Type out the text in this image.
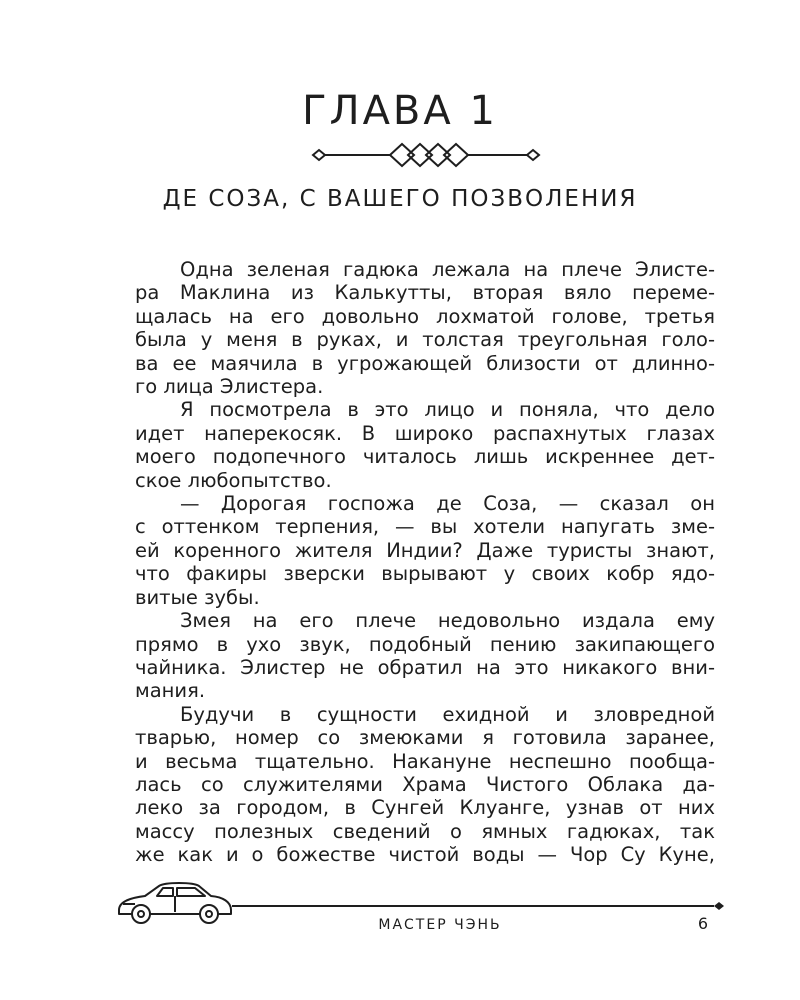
ГЛАВА 1
ДЕ СОЗА, С ВАШЕГО ПОЗВОЛЕНИЯ
Одна зеленая гадюка лежала на плече Элисте-
ра Маклина из Калькутты, вторая вяло переме-
щалась на его довольно лохматой голове, третья
была у меня в руках, и толстая треугольная голо-
ва ее маячила в угрожающей близости от длинно-
го лица Элистера.
Я посмотрела в это лицо и поняла, что дело
идет наперекосяк. В широко распахнутых глазах
моего подопечного читалось лишь искреннее дет-
ское любопытство.
— Дорогая госпожа де Соза, — сказал он
с оттенком терпения, — вы хотели напугать зме-
ей коренного жителя Индии? Даже туристы знают,
что факиры зверски вырывают у своих кобр ядо-
витые зубы.
Змея на его плече недовольно издала ему
прямо в ухо звук, подобный пению закипающего
чайника. Элистер не обратил на это никакого вни-
мания.
Будучи в сущности ехидной и зловредной
тварью, номер со змеюками я готовила заранее,
и весьма тщательно. Накануне неспешно пообща-
лась со служителями Храма Чистого Облака да-
леко за городом, в Сунгей Клуанге, узнав от них
массу полезных сведений о ямных гадюках, так
же как и о божестве чистой воды — Чор Су Куне,
МАСТЕР ЧЭНЬ	6
